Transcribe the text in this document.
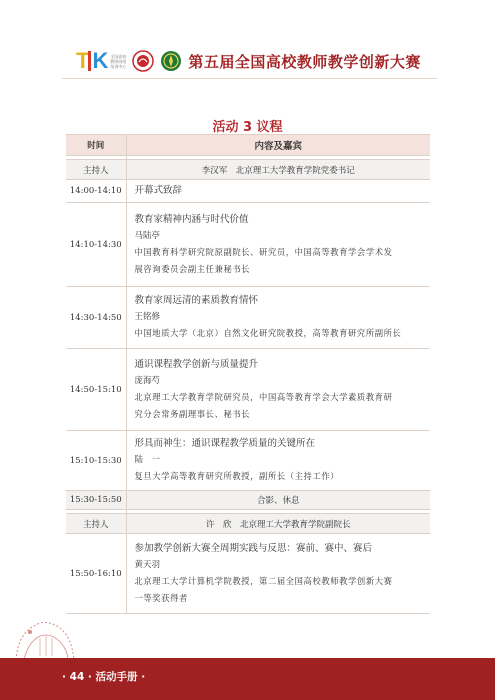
T K 全国高校教师网络培训中心	第五届全国高校教师教学创新大赛
活动 3 议程
时间	内容及嘉宾

主持人	李汉军　北京理工大学教育学院党委书记
14:00-14:10	开幕式致辞

14:10-14:30	教育家精神内涵与时代价值
马陆亭
中国教育科学研究院原副院长、研究员，中国高等教育学会学术发
展咨询委员会副主任兼秘书长

14:30-14:50	教育家周远清的素质教育情怀
王铭修
中国地质大学（北京）自然文化研究院教授，高等教育研究所副所长

14:50-15:10	通识课程教学创新与质量提升
庞海芍
北京理工大学教育学院研究员，中国高等教育学会大学素质教育研
究分会常务副理事长、秘书长

15:10-15:30	形具而神生：通识课程教学质量的关键所在
陆　一
复旦大学高等教育研究所教授，副所长（主持工作）

15:30-15:50	合影、休息

主持人	许　欣　北京理工大学教育学院副院长
15:50-16:10	参加教学创新大赛全周期实践与反思：赛前、赛中、赛后
黄天羽
北京理工大学计算机学院教授，第二届全国高校教师教学创新大赛
一等奖获得者
· 44 · 活动手册 ·
